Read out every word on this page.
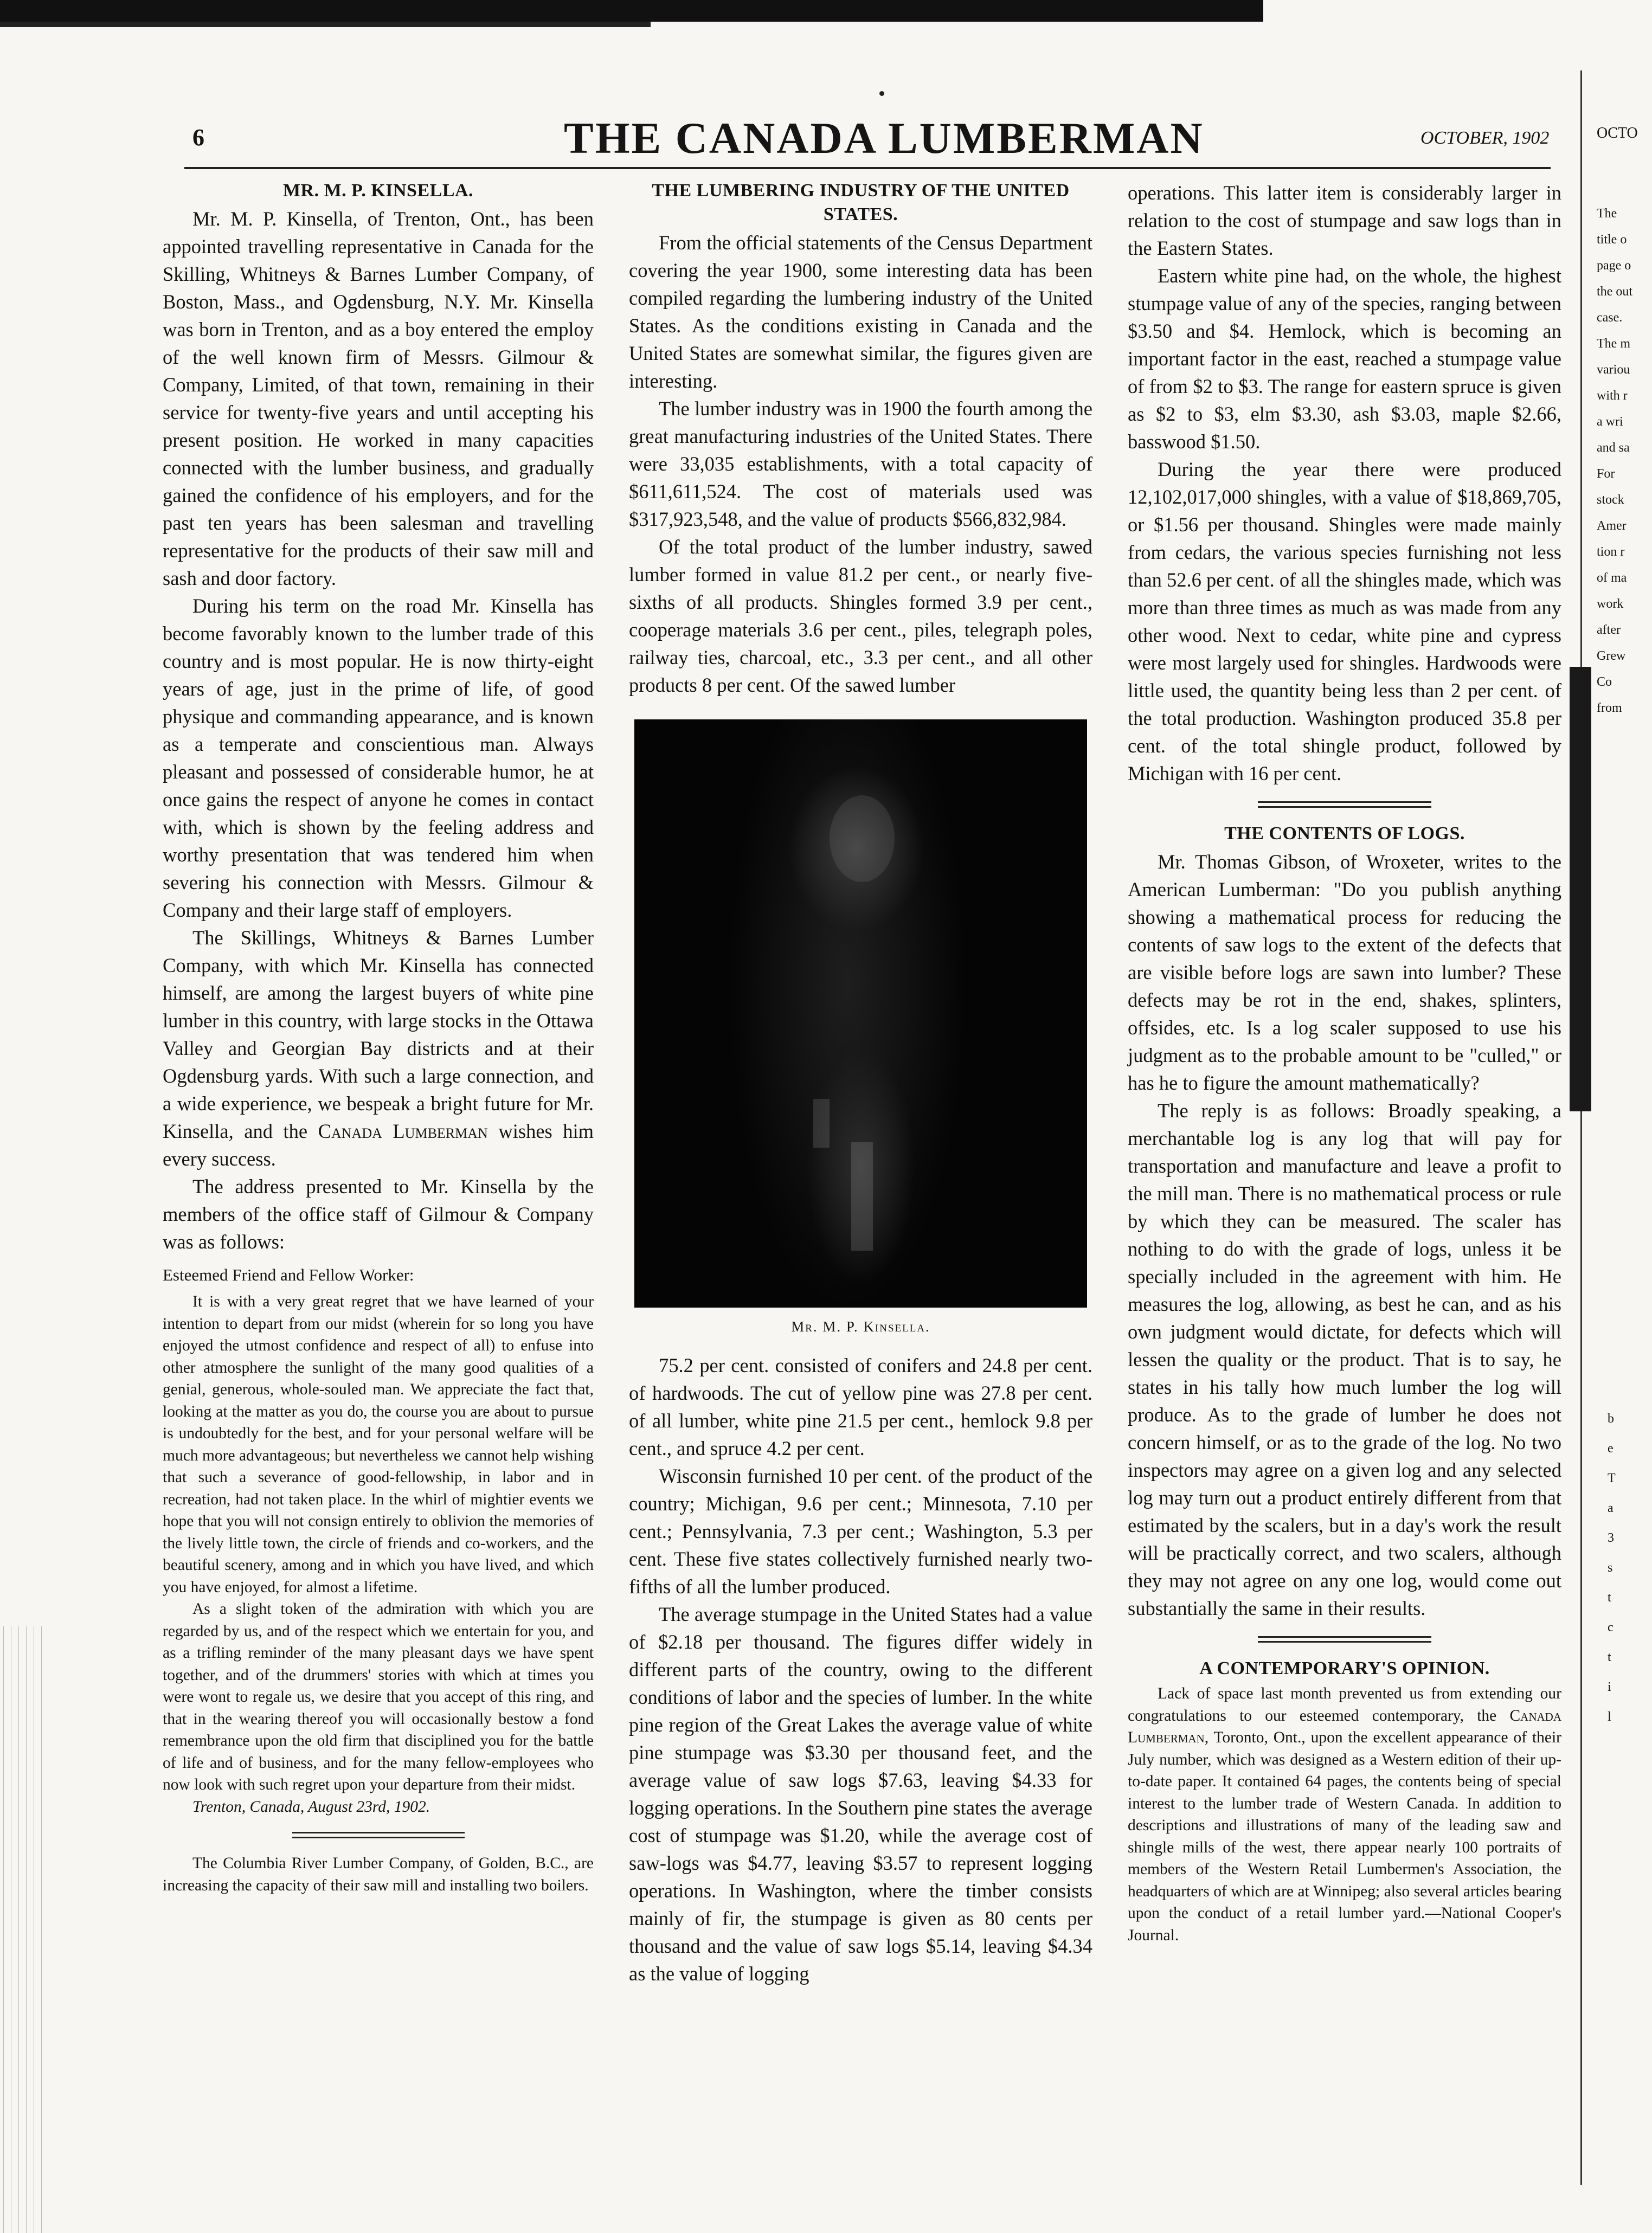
6	THE CANADA LUMBERMAN	OCTOBER, 1902
MR. M. P. KINSELLA.

Mr. M. P. Kinsella, of Trenton, Ont., has been appointed travelling representative in Canada for the Skilling, Whitneys & Barnes Lumber Company, of Boston, Mass., and Ogdensburg, N.Y. Mr. Kinsella was born in Trenton, and as a boy entered the employ of the well known firm of Messrs. Gilmour & Company, Limited, of that town, remaining in their service for twenty-five years and until accepting his present position. He worked in many capacities connected with the lumber business, and gradually gained the confidence of his employers, and for the past ten years has been salesman and travelling representative for the products of their saw mill and sash and door factory.

During his term on the road Mr. Kinsella has become favorably known to the lumber trade of this country and is most popular. He is now thirty-eight years of age, just in the prime of life, of good physique and commanding appearance, and is known as a temperate and conscientious man. Always pleasant and possessed of considerable humor, he at once gains the respect of anyone he comes in contact with, which is shown by the feeling address and worthy presentation that was tendered him when severing his connection with Messrs. Gilmour & Company and their large staff of employers.

The Skillings, Whitneys & Barnes Lumber Company, with which Mr. Kinsella has connected himself, are among the largest buyers of white pine lumber in this country, with large stocks in the Ottawa Valley and Georgian Bay districts and at their Ogdensburg yards. With such a large connection, and a wide experience, we bespeak a bright future for Mr. Kinsella, and the Canada Lumberman wishes him every success.

The address presented to Mr. Kinsella by the members of the office staff of Gilmour & Company was as follows:

Esteemed Friend and Fellow Worker:

It is with a very great regret that we have learned of your intention to depart from our midst (wherein for so long you have enjoyed the utmost confidence and respect of all) to enfuse into other atmosphere the sunlight of the many good qualities of a genial, generous, whole-souled man. We appreciate the fact that, looking at the matter as you do, the course you are about to pursue is undoubtedly for the best, and for your personal welfare will be much more advantageous; but nevertheless we cannot help wishing that such a severance of good-fellowship, in labor and in recreation, had not taken place. In the whirl of mightier events we hope that you will not consign entirely to oblivion the memories of the lively little town, the circle of friends and co-workers, and the beautiful scenery, among and in which you have lived, and which you have enjoyed, for almost a lifetime.

As a slight token of the admiration with which you are regarded by us, and of the respect which we entertain for you, and as a trifling reminder of the many pleasant days we have spent together, and of the drummers' stories with which at times you were wont to regale us, we desire that you accept of this ring, and that in the wearing thereof you will occasionally bestow a fond remembrance upon the old firm that disciplined you for the battle of life and of business, and for the many fellow-employees who now look with such regret upon your departure from their midst.

Trenton, Canada, August 23rd, 1902.

The Columbia River Lumber Company, of Golden, B.C., are increasing the capacity of their saw mill and installing two boilers.

THE LUMBERING INDUSTRY OF THE UNITED STATES.

From the official statements of the Census Department covering the year 1900, some interesting data has been compiled regarding the lumbering industry of the United States. As the conditions existing in Canada and the United States are somewhat similar, the figures given are interesting.

The lumber industry was in 1900 the fourth among the great manufacturing industries of the United States. There were 33,035 establishments, with a total capacity of $611,611,524. The cost of materials used was $317,923,548, and the value of products $566,832,984.

Of the total product of the lumber industry, sawed lumber formed in value 81.2 per cent., or nearly five-sixths of all products. Shingles formed 3.9 per cent., cooperage materials 3.6 per cent., piles, telegraph poles, railway ties, charcoal, etc., 3.3 per cent., and all other products 8 per cent. Of the sawed lumber

Mr. M. P. Kinsella.

75.2 per cent. consisted of conifers and 24.8 per cent. of hardwoods. The cut of yellow pine was 27.8 per cent. of all lumber, white pine 21.5 per cent., hemlock 9.8 per cent., and spruce 4.2 per cent.

Wisconsin furnished 10 per cent. of the product of the country; Michigan, 9.6 per cent.; Minnesota, 7.10 per cent.; Pennsylvania, 7.3 per cent.; Washington, 5.3 per cent. These five states collectively furnished nearly two-fifths of all the lumber produced.

The average stumpage in the United States had a value of $2.18 per thousand. The figures differ widely in different parts of the country, owing to the different conditions of labor and the species of lumber. In the white pine region of the Great Lakes the average value of white pine stumpage was $3.30 per thousand feet, and the average value of saw logs $7.63, leaving $4.33 for logging operations. In the Southern pine states the average cost of stumpage was $1.20, while the average cost of saw-logs was $4.77, leaving $3.57 to represent logging operations. In Washington, where the timber consists mainly of fir, the stumpage is given as 80 cents per thousand and the value of saw logs $5.14, leaving $4.34 as the value of logging

operations. This latter item is considerably larger in relation to the cost of stumpage and saw logs than in the Eastern States.

Eastern white pine had, on the whole, the highest stumpage value of any of the species, ranging between $3.50 and $4. Hemlock, which is becoming an important factor in the east, reached a stumpage value of from $2 to $3. The range for eastern spruce is given as $2 to $3, elm $3.30, ash $3.03, maple $2.66, basswood $1.50.

During the year there were produced 12,102,017,000 shingles, with a value of $18,869,705, or $1.56 per thousand. Shingles were made mainly from cedars, the various species furnishing not less than 52.6 per cent. of all the shingles made, which was more than three times as much as was made from any other wood. Next to cedar, white pine and cypress were most largely used for shingles. Hardwoods were little used, the quantity being less than 2 per cent. of the total production. Washington produced 35.8 per cent. of the total shingle product, followed by Michigan with 16 per cent.

THE CONTENTS OF LOGS.

Mr. Thomas Gibson, of Wroxeter, writes to the American Lumberman: "Do you publish anything showing a mathematical process for reducing the contents of saw logs to the extent of the defects that are visible before logs are sawn into lumber? These defects may be rot in the end, shakes, splinters, offsides, etc. Is a log scaler supposed to use his judgment as to the probable amount to be "culled," or has he to figure the amount mathematically?

The reply is as follows: Broadly speaking, a merchantable log is any log that will pay for transportation and manufacture and leave a profit to the mill man. There is no mathematical process or rule by which they can be measured. The scaler has nothing to do with the grade of logs, unless it be specially included in the agreement with him. He measures the log, allowing, as best he can, and as his own judgment would dictate, for defects which will lessen the quality or the product. That is to say, he states in his tally how much lumber the log will produce. As to the grade of lumber he does not concern himself, or as to the grade of the log. No two inspectors may agree on a given log and any selected log may turn out a product entirely different from that estimated by the scalers, but in a day's work the result will be practically correct, and two scalers, although they may not agree on any one log, would come out substantially the same in their results.

A CONTEMPORARY'S OPINION.

Lack of space last month prevented us from extending our congratulations to our esteemed contemporary, the Canada Lumberman, Toronto, Ont., upon the excellent appearance of their July number, which was designed as a Western edition of their up-to-date paper. It contained 64 pages, the contents being of special interest to the lumber trade of Western Canada. In addition to descriptions and illustrations of many of the leading saw and shingle mills of the west, there appear nearly 100 portraits of members of the Western Retail Lumbermen's Association, the headquarters of which are at Winnipeg; also several articles bearing upon the conduct of a retail lumber yard.—National Cooper's Journal.

OCTO
The
title o
page o
the out
case.
The m
variou
with r
a wri
and sa
For
stock
Amer
tion r
of ma
work
after
Grew
Co
from
b
e
T
a
3
s
t
c
t
i
l
